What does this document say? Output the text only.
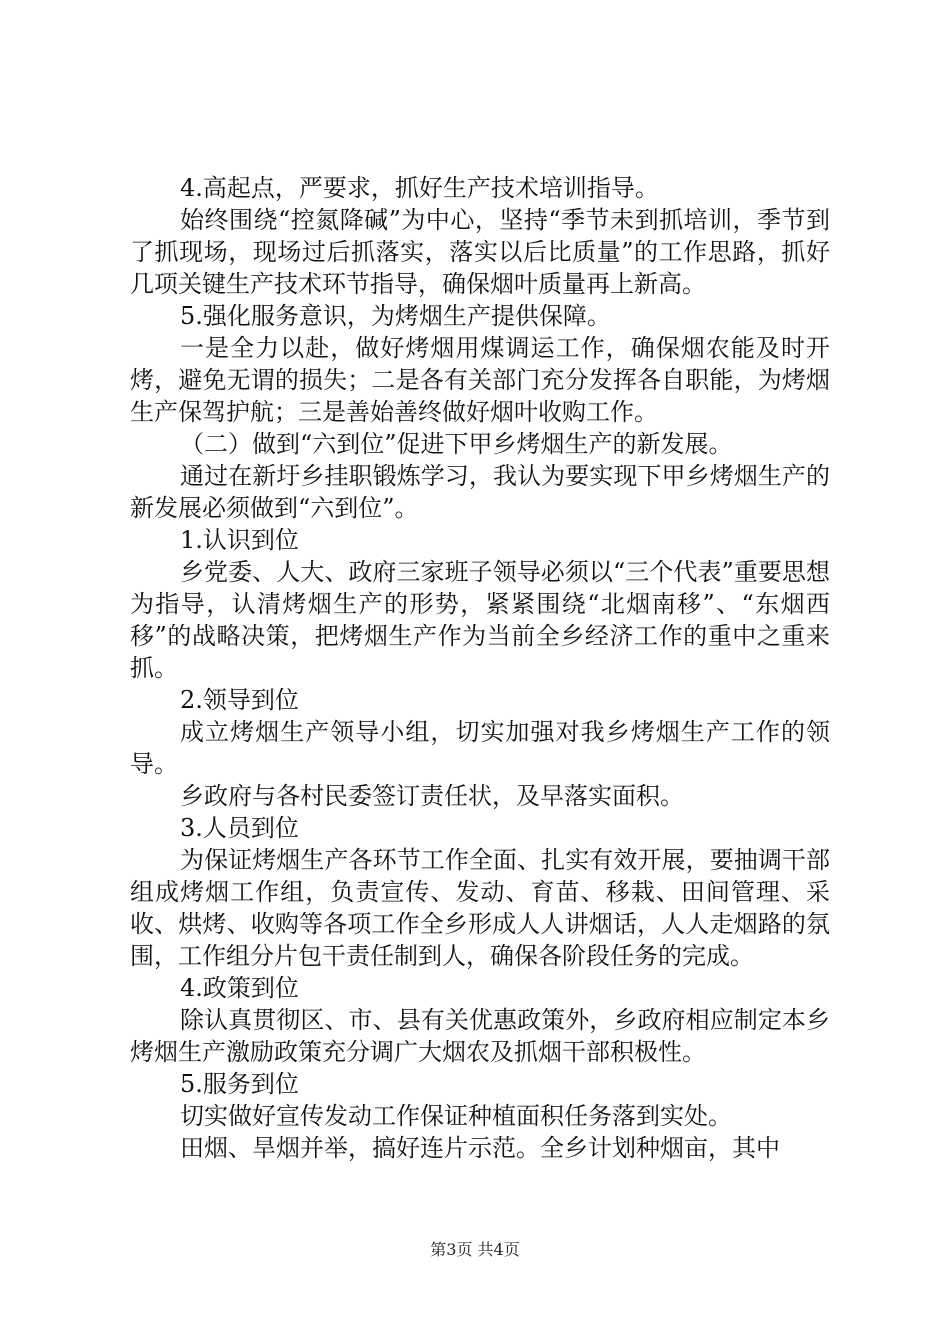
4.高起点，严要求，抓好生产技术培训指导。

始终围绕“控氮降碱”为中心，坚持“季节未到抓培训，季节到了抓现场，现场过后抓落实，落实以后比质量”的工作思路，抓好几项关键生产技术环节指导，确保烟叶质量再上新高。

5.强化服务意识，为烤烟生产提供保障。

一是全力以赴，做好烤烟用煤调运工作，确保烟农能及时开烤，避免无谓的损失；二是各有关部门充分发挥各自职能，为烤烟生产保驾护航；三是善始善终做好烟叶收购工作。

（二）做到“六到位”促进下甲乡烤烟生产的新发展。

通过在新圩乡挂职锻炼学习，我认为要实现下甲乡烤烟生产的新发展必须做到“六到位”。

1.认识到位

乡党委、人大、政府三家班子领导必须以“三个代表”重要思想为指导，认清烤烟生产的形势，紧紧围绕“北烟南移”、“东烟西移”的战略决策，把烤烟生产作为当前全乡经济工作的重中之重来抓。

2.领导到位

成立烤烟生产领导小组，切实加强对我乡烤烟生产工作的领导。

乡政府与各村民委签订责任状，及早落实面积。

3.人员到位

为保证烤烟生产各环节工作全面、扎实有效开展，要抽调干部组成烤烟工作组，负责宣传、发动、育苗、移栽、田间管理、采收、烘烤、收购等各项工作全乡形成人人讲烟话，人人走烟路的氛围，工作组分片包干责任制到人，确保各阶段任务的完成。

4.政策到位

除认真贯彻区、市、县有关优惠政策外，乡政府相应制定本乡烤烟生产激励政策充分调广大烟农及抓烟干部积极性。

5.服务到位

切实做好宣传发动工作保证种植面积任务落到实处。

田烟、旱烟并举，搞好连片示范。全乡计划种烟亩，其中

第3页 共4页
